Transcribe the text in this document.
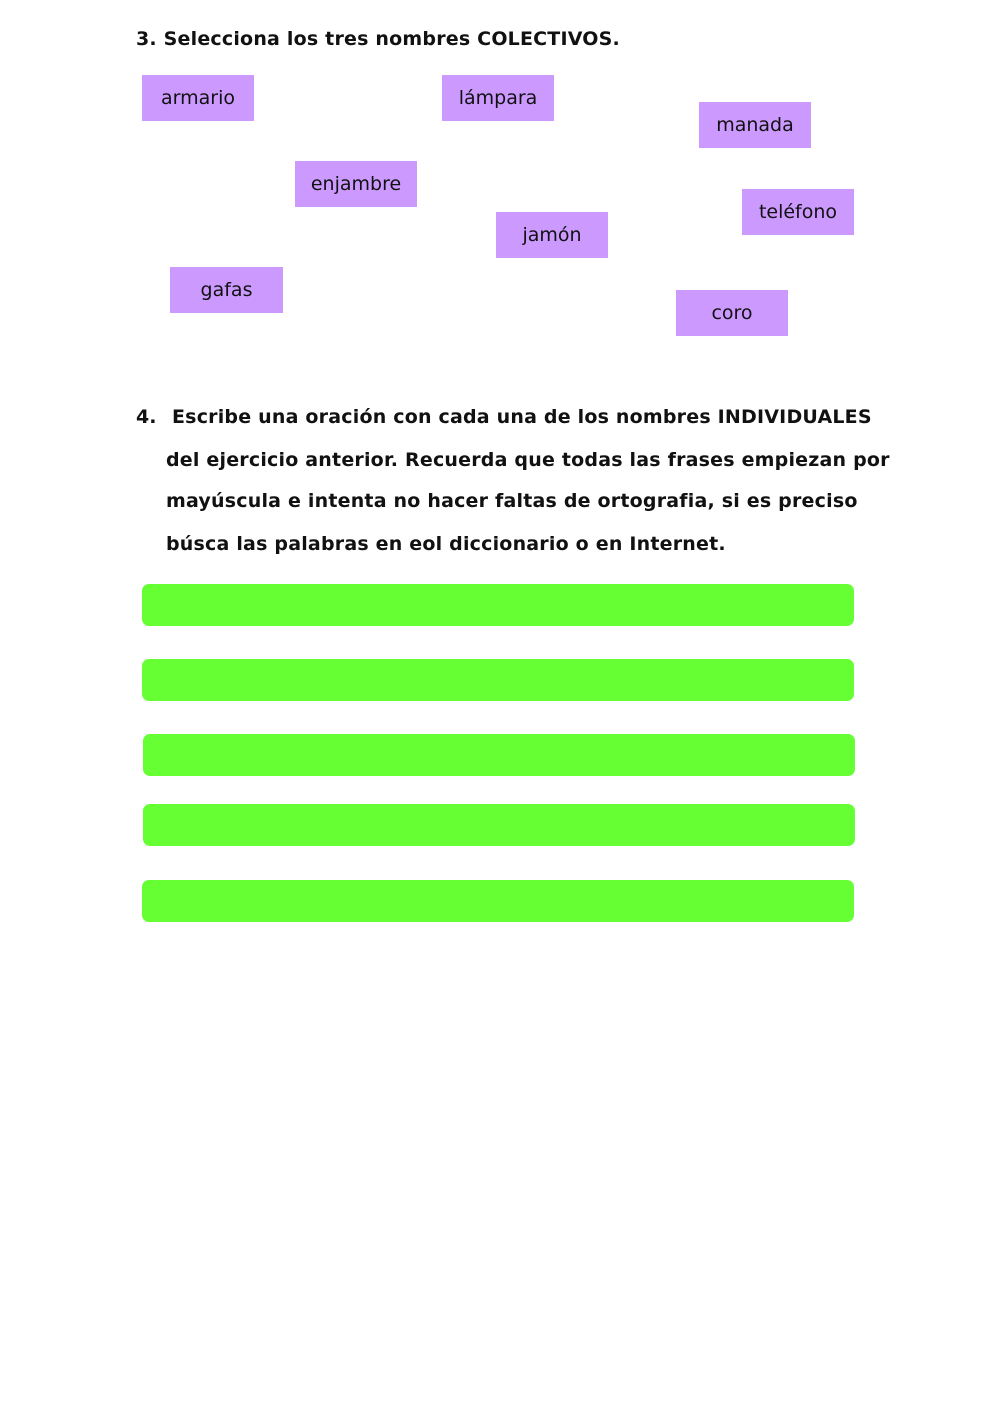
3. Selecciona los tres nombres COLECTIVOS.
armario	lámpara
manada
enjambre
teléfono
jamón
gafas
coro
4. Escribe una oración con cada una de los nombres INDIVIDUALES
del ejercicio anterior. Recuerda que todas las frases empiezan por
mayúscula e intenta no hacer faltas de ortografia, si es preciso
búsca las palabras en eol diccionario o en Internet.
